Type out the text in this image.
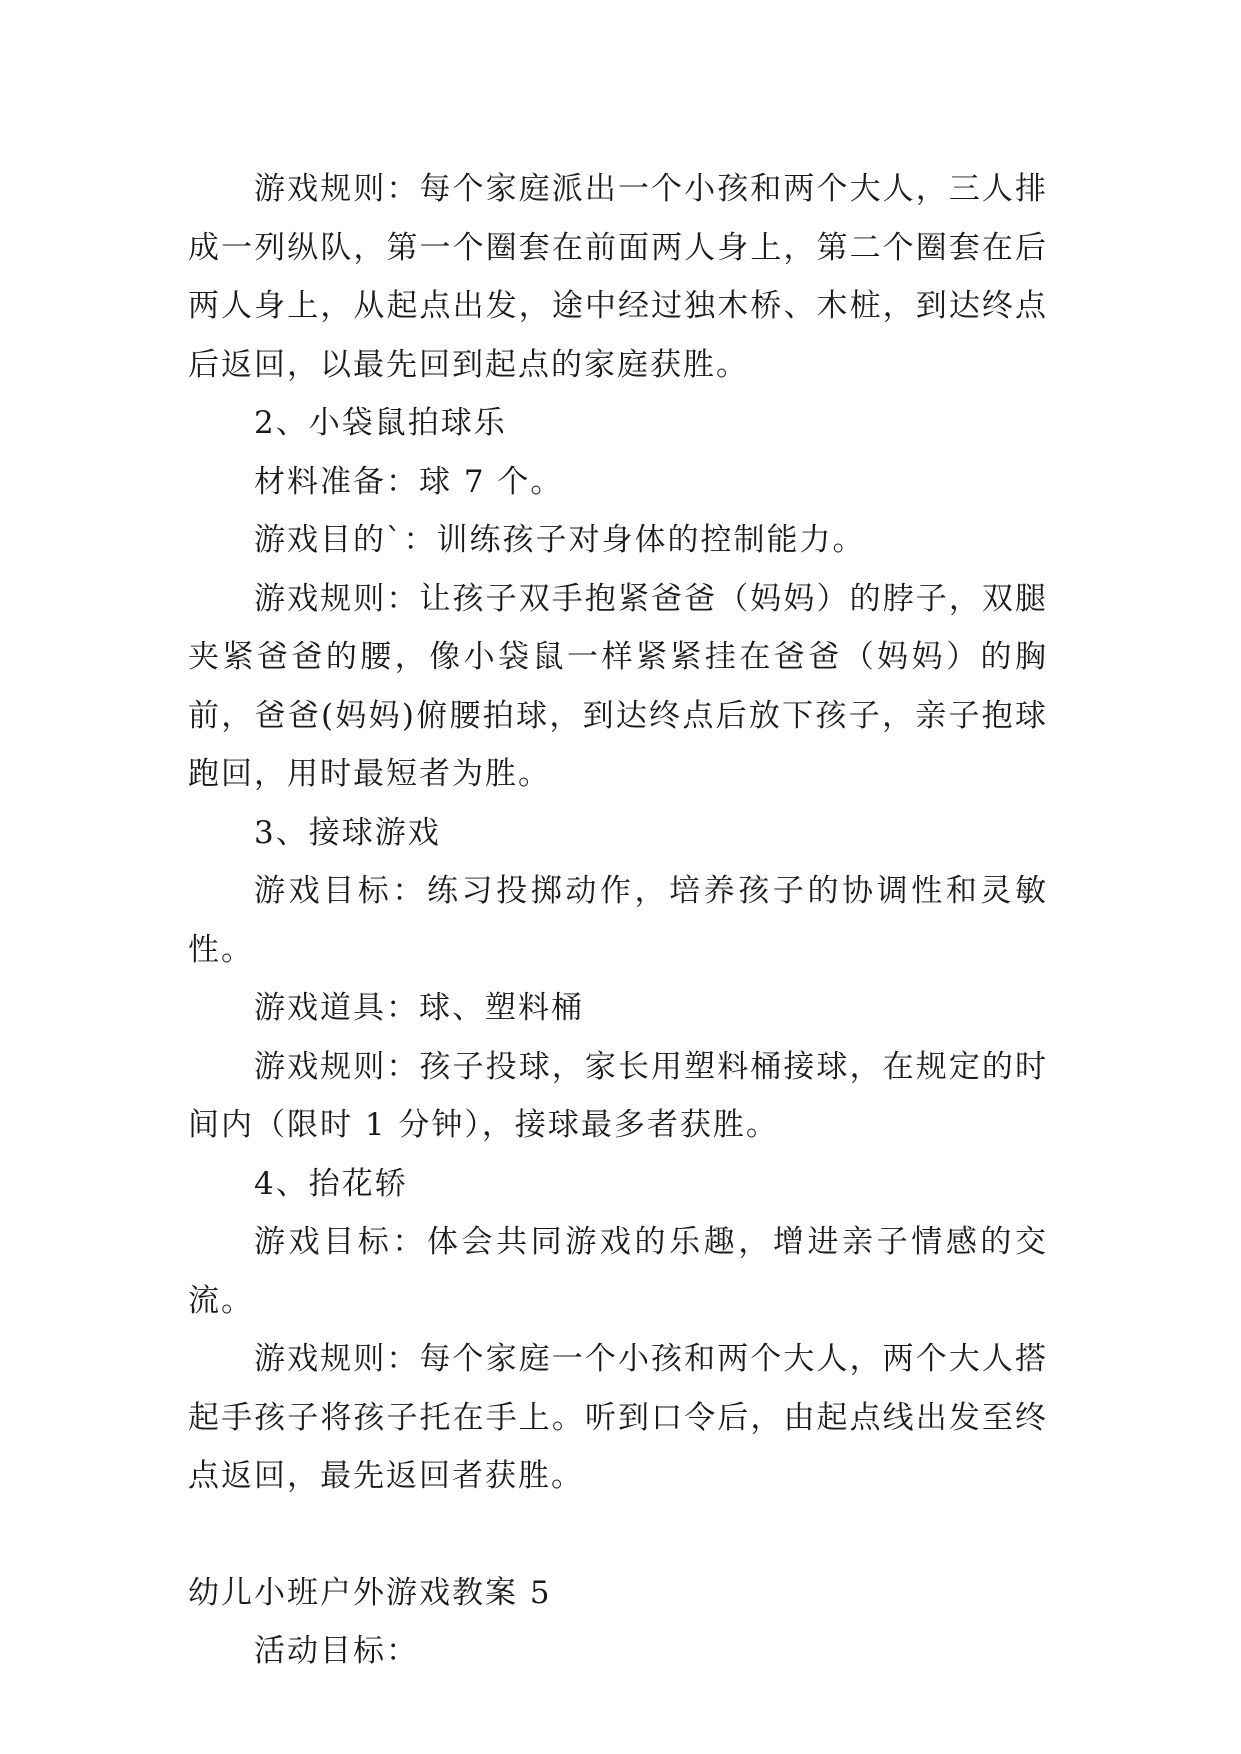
游戏规则：每个家庭派出一个小孩和两个大人，三人排成一列纵队，第一个圈套在前面两人身上，第二个圈套在后两人身上，从起点出发，途中经过独木桥、木桩，到达终点后返回，以最先回到起点的家庭获胜。

2、小袋鼠拍球乐

材料准备：球 7 个。

游戏目的`：训练孩子对身体的控制能力。

游戏规则：让孩子双手抱紧爸爸（妈妈）的脖子，双腿夹紧爸爸的腰，像小袋鼠一样紧紧挂在爸爸（妈妈）的胸前，爸爸(妈妈)俯腰拍球，到达终点后放下孩子，亲子抱球跑回，用时最短者为胜。

3、接球游戏

游戏目标：练习投掷动作，培养孩子的协调性和灵敏性。

游戏道具：球、塑料桶

游戏规则：孩子投球，家长用塑料桶接球，在规定的时间内（限时 1 分钟），接球最多者获胜。

4、抬花轿

游戏目标：体会共同游戏的乐趣，增进亲子情感的交流。

游戏规则：每个家庭一个小孩和两个大人，两个大人搭起手孩子将孩子托在手上。听到口令后，由起点线出发至终点返回，最先返回者获胜。

幼儿小班户外游戏教案 5

活动目标：
